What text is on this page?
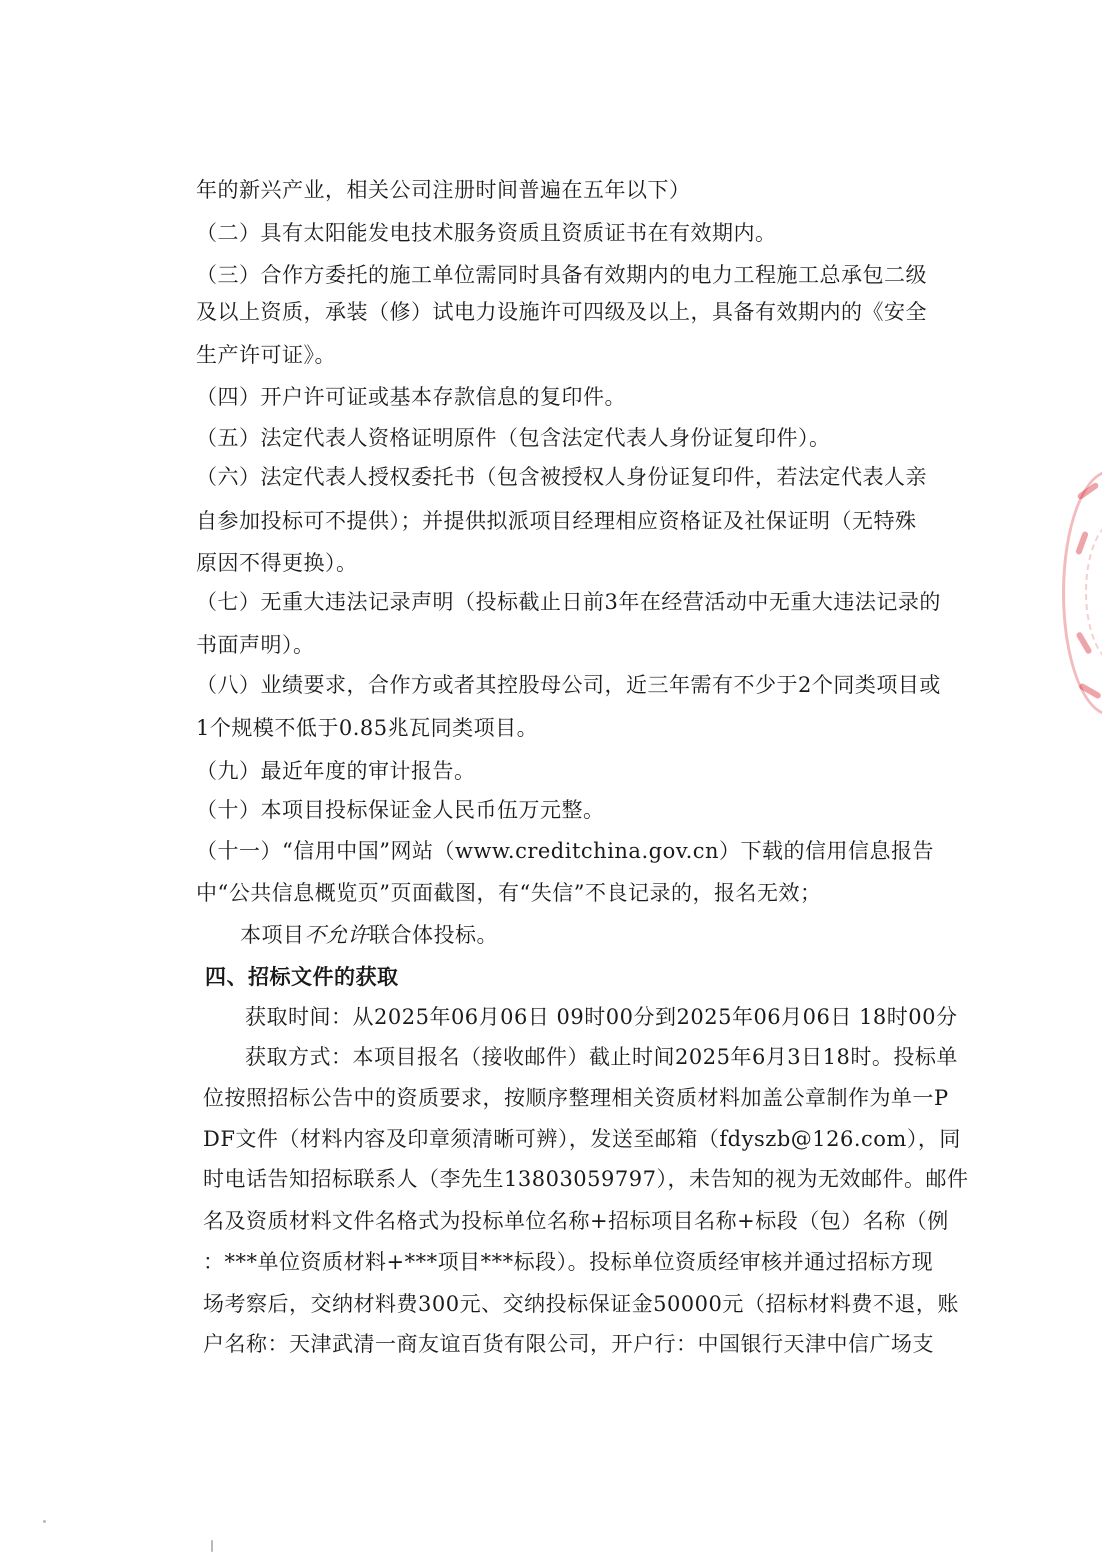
年的新兴产业，相关公司注册时间普遍在五年以下）
（二）具有太阳能发电技术服务资质且资质证书在有效期内。
（三）合作方委托的施工单位需同时具备有效期内的电力工程施工总承包二级
及以上资质，承装（修）试电力设施许可四级及以上，具备有效期内的《安全
生产许可证》。
（四）开户许可证或基本存款信息的复印件。
（五）法定代表人资格证明原件（包含法定代表人身份证复印件）。
（六）法定代表人授权委托书（包含被授权人身份证复印件，若法定代表人亲
自参加投标可不提供）；并提供拟派项目经理相应资格证及社保证明（无特殊
原因不得更换）。
（七）无重大违法记录声明（投标截止日前3年在经营活动中无重大违法记录的
书面声明）。
（八）业绩要求，合作方或者其控股母公司，近三年需有不少于2个同类项目或
1个规模不低于0.85兆瓦同类项目。
（九）最近年度的审计报告。
（十）本项目投标保证金人民币伍万元整。
（十一）“信用中国”网站（www.creditchina.gov.cn）下载的信用信息报告
中“公共信息概览页”页面截图，有“失信”不良记录的，报名无效；
本项目不允许联合体投标。
四、招标文件的获取
获取时间：从2025年06月06日 09时00分到2025年06月06日 18时00分
获取方式：本项目报名（接收邮件）截止时间2025年6月3日18时。投标单
位按照招标公告中的资质要求，按顺序整理相关资质材料加盖公章制作为单一P
DF文件（材料内容及印章须清晰可辨），发送至邮箱（fdyszb@126.com），同
时电话告知招标联系人（李先生13803059797），未告知的视为无效邮件。邮件
名及资质材料文件名格式为投标单位名称+招标项目名称+标段（包）名称（例
：***单位资质材料+***项目***标段）。投标单位资质经审核并通过招标方现
场考察后，交纳材料费300元、交纳投标保证金50000元（招标材料费不退，账
户名称：天津武清一商友谊百货有限公司，开户行：中国银行天津中信广场支
